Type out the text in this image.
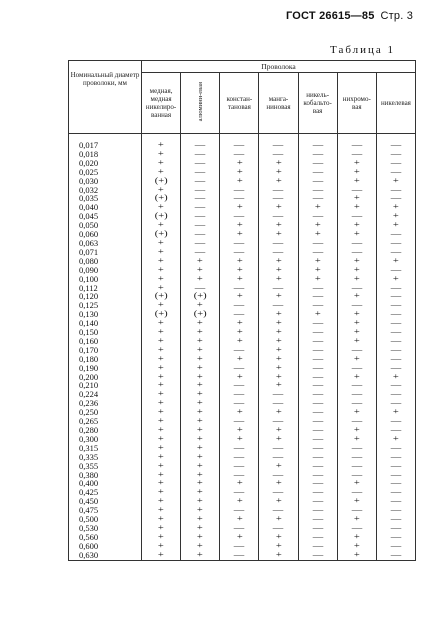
ГОСТ 26615—85 Стр. 3
Таблица 1
Номинальный диаметр проволоки, мм	Проволока						
	медная, медная никелиро-ванная	алюмини-евая	констан-тановая	манга-ниновая	никель-кобальто-вая	нихромо-вая	никелевая
0,017	+	—	—	—	—	—	—
0,018	+	—	—	—	—	—	—
0,020	+	—	+	+	—	+	—
0,025	+	—	+	+	—	+	—
0,030	(+)	—	+	+	—	+	+
0,032	+	—	—	—	—	—	—
0,035	(+)	—	—	—	—	+	—
0,040	+	—	+	+	+	+	+
0,045	(+)	—	—	—	—	—	+
0,050	+	—	+	+	+	+	+
0,060	(+)	—	+	+	+	+	—
0,063	+	—	—	—	—	—	—
0,071	+	—	—	—	—	—	—
0,080	+	+	+	+	+	+	+
0,090	+	+	+	+	+	+	—
0,100	+	+	+	+	+	+	+
0,112	+	—	—	—	—	—	—
0,120	(+)	(+)	+	+	—	+	—
0,125	+	+	—	—	—	—	—
0,130	(+)	(+)	—	+	+	+	—
0,140	+	+	+	+	—	+	—
0,150	+	+	+	+	—	+	—
0,160	+	+	+	+	—	+	—
0,170	+	+	—	+	—	—	—
0,180	+	+	+	+	—	+	—
0,190	+	+	—	+	—	—	—
0,200	+	+	+	+	—	+	+
0,210	+	+	—	+	—	—	—
0,224	+	+	—	—	—	—	—
0,236	+	+	—	—	—	—	—
0,250	+	+	+	+	—	+	+
0,265	+	+	—	—	—	—	—
0,280	+	+	+	+	—	+	—
0,300	+	+	+	+	—	+	+
0,315	+	+	—	—	—	—	—
0,335	+	+	—	—	—	—	—
0,355	+	+	—	+	—	—	—
0,380	+	+	—	—	—	—	—
0,400	+	+	+	+	—	+	—
0,425	+	+	—	—	—	—	—
0,450	+	+	+	+	—	+	—
0,475	+	+	—	—	—	—	—
0,500	+	+	+	+	—	+	—
0,530	+	+	—	—	—	—	—
0,560	+	+	+	+	—	+	—
0,600	+	+	—	+	—	+	—
0,630	+	+	—	+	—	+	—
